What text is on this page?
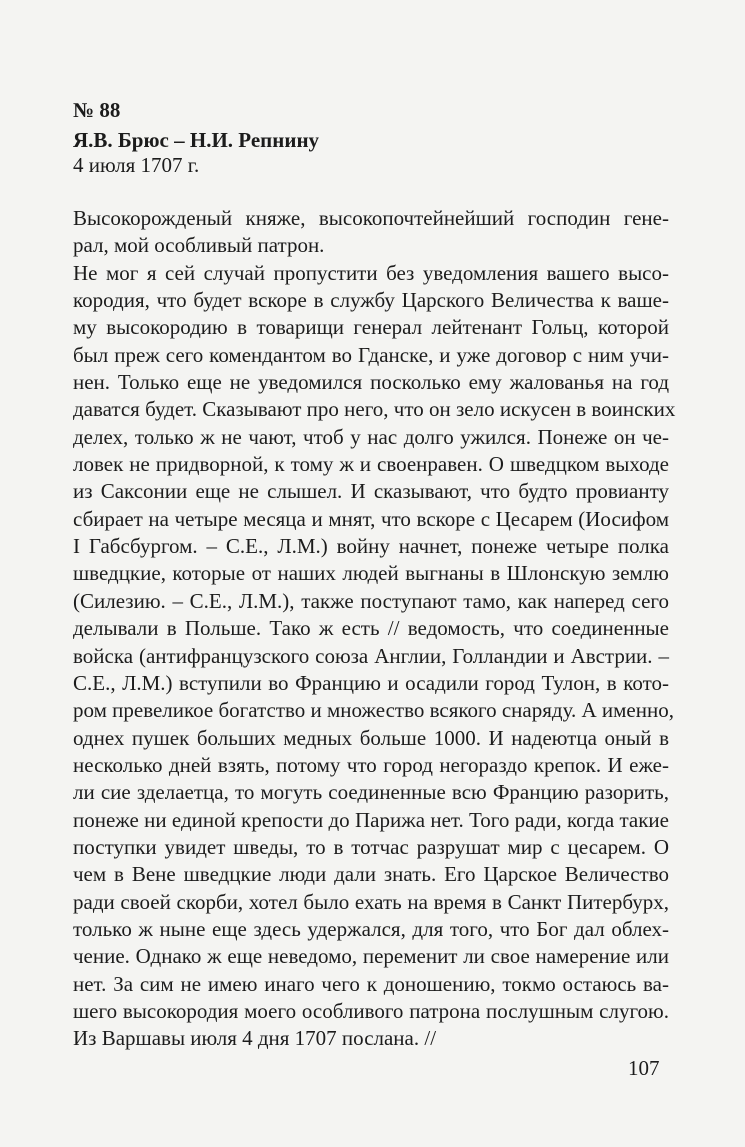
№ 88
Я.В. Брюс – Н.И. Репнину
4 июля 1707 г.
Высокорожденый княже, высокопочтейнейший господин гене-
рал, мой особливый патрон.
Не мог я сей случай пропустити без уведомления вашего высо-
кородия, что будет вскоре в службу Царского Величества к ваше-
му высокородию в товарищи генерал лейтенант Гольц, которой
был преж сего комендантом во Гданске, и уже договор с ним учи-
нен. Только еще не уведомился посколько ему жалованья на год
даватся будет. Сказывают про него, что он зело искусен в воинских
делех, только ж не чают, чтоб у нас долго ужился. Понеже он че-
ловек не придворной, к тому ж и своенравен. О шведцком выходе
из Саксонии еще не слышел. И сказывают, что будто провианту
сбирает на четыре месяца и мнят, что вскоре с Цесарем (Иосифом
I Габсбургом. – С.Е., Л.М.) войну начнет, понеже четыре полка
шведцкие, которые от наших людей выгнаны в Шлонскую землю
(Силезию. – С.Е., Л.М.), также поступают тамо, как наперед сего
делывали в Польше. Тако ж есть // ведомость, что соединенные
войска (антифранцузского союза Англии, Голландии и Австрии. –
С.Е., Л.М.) вступили во Францию и осадили город Тулон, в кото-
ром превеликое богатство и множество всякого снаряду. А именно,
однех пушек больших медных больше 1000. И надеютца оный в
несколько дней взять, потому что город негораздо крепок. И еже-
ли сие зделаетца, то могуть соединенные всю Францию разорить,
понеже ни единой крепости до Парижа нет. Того ради, когда такие
поступки увидет шведы, то в тотчас разрушат мир с цесарем. О
чем в Вене шведцкие люди дали знать. Его Царское Величество
ради своей скорби, хотел было ехать на время в Санкт Питербурх,
только ж ныне еще здесь удержался, для того, что Бог дал облех-
чение. Однако ж еще неведомо, переменит ли свое намерение или
нет. За сим не имею инаго чего к доношению, токмо остаюсь ва-
шего высокородия моего особливого патрона послушным слугою.
Из Варшавы июля 4 дня 1707 послана. //
107
